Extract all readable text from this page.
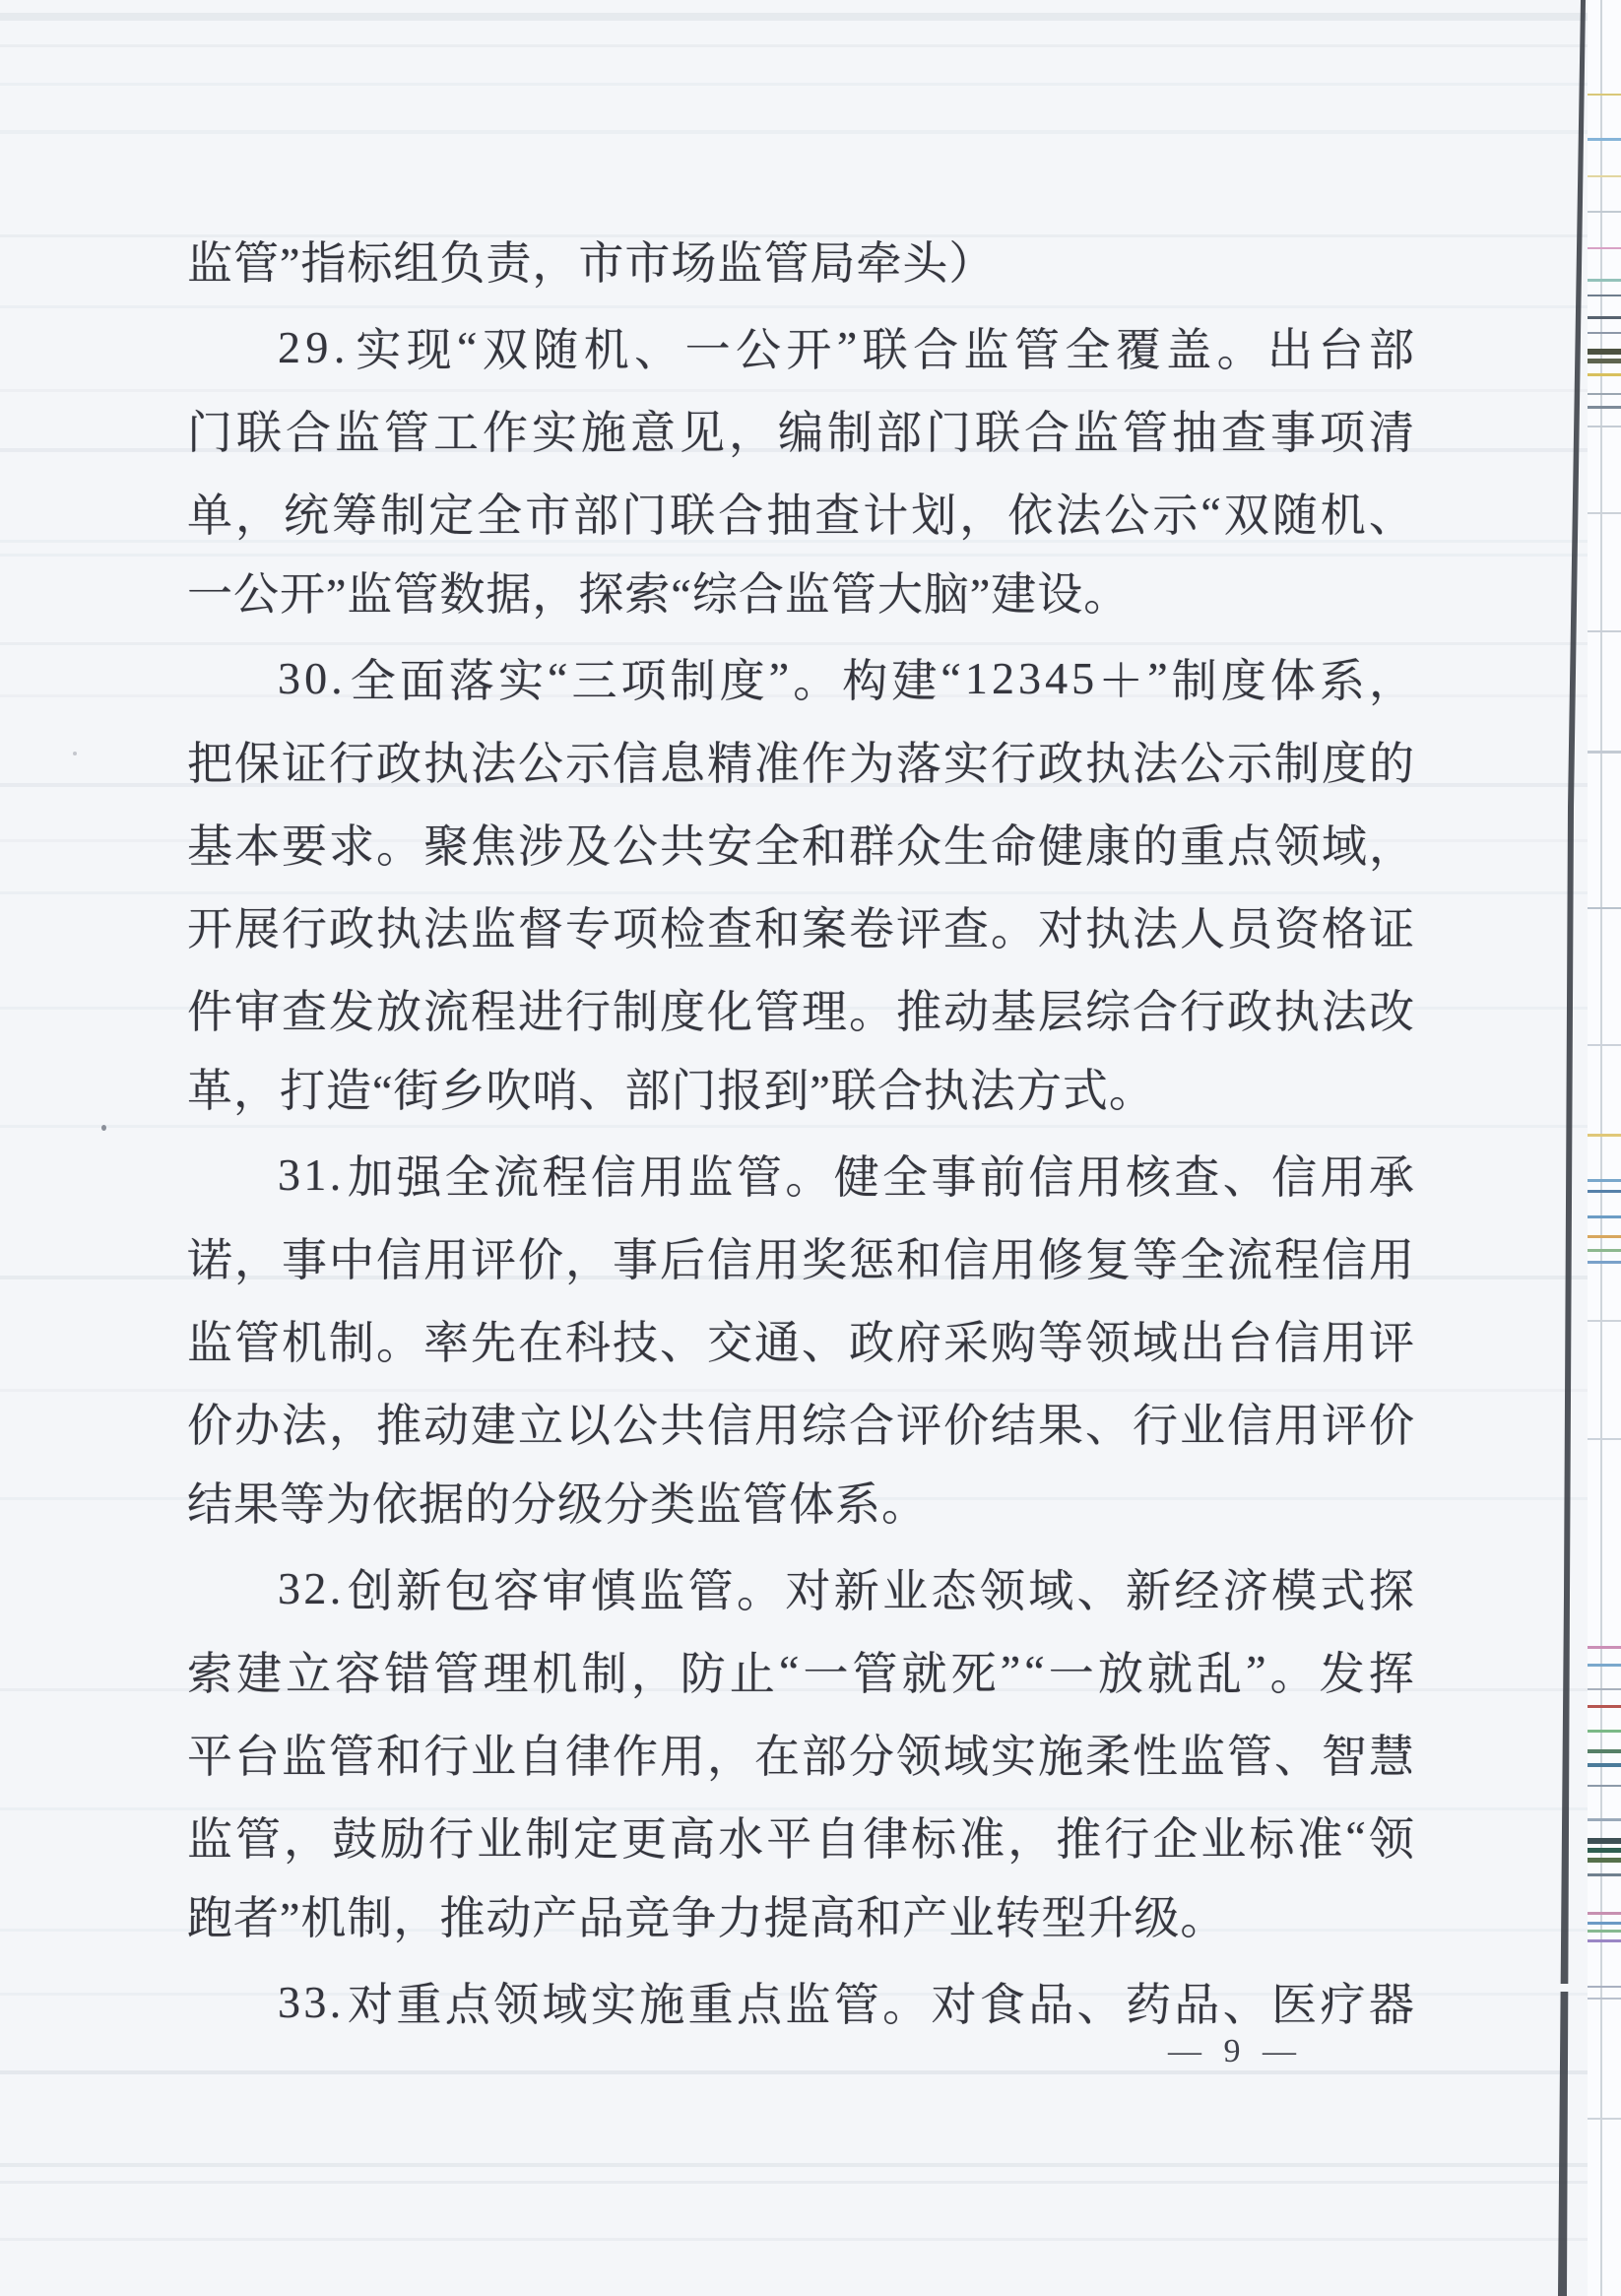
监管”指标组负责，市市场监管局牵头）
2 9 . 实 现 “ 双 随 机 、 一 公 开 ” 联 合 监 管 全 覆 盖 。 出 台 部
门 联 合 监 管 工 作 实 施 意 见 ， 编 制 部 门 联 合 监 管 抽 查 事 项 清
单 ， 统 筹 制 定 全 市 部 门 联 合 抽 查 计 划 ， 依 法 公 示 “ 双 随 机 、
一公开”监管数据，探索“综合监管大脑”建设。
3 0 . 全 面 落 实 “ 三 项 制 度 ” 。 构 建 “ 1 2 3 4 5 ＋ ” 制 度 体 系 ，
把 保 证 行 政 执 法 公 示 信 息 精 准 作 为 落 实 行 政 执 法 公 示 制 度 的
基 本 要 求 。 聚 焦 涉 及 公 共 安 全 和 群 众 生 命 健 康 的 重 点 领 域 ，
开 展 行 政 执 法 监 督 专 项 检 查 和 案 卷 评 查 。 对 执 法 人 员 资 格 证
件 审 查 发 放 流 程 进 行 制 度 化 管 理 。 推 动 基 层 综 合 行 政 执 法 改
革，打造“街乡吹哨、部门报到”联合执法方式。
3 1 . 加 强 全 流 程 信 用 监 管 。 健 全 事 前 信 用 核 查 、 信 用 承
诺 ， 事 中 信 用 评 价 ， 事 后 信 用 奖 惩 和 信 用 修 复 等 全 流 程 信 用
监 管 机 制 。 率 先 在 科 技 、 交 通 、 政 府 采 购 等 领 域 出 台 信 用 评
价 办 法 ， 推 动 建 立 以 公 共 信 用 综 合 评 价 结 果 、 行 业 信 用 评 价
结果等为依据的分级分类监管体系。
3 2 . 创 新 包 容 审 慎 监 管 。 对 新 业 态 领 域 、 新 经 济 模 式 探
索 建 立 容 错 管 理 机 制 ， 防 止 “ 一 管 就 死 ” “ 一 放 就 乱 ” 。 发 挥
平 台 监 管 和 行 业 自 律 作 用 ， 在 部 分 领 域 实 施 柔 性 监 管 、 智 慧
监 管 ， 鼓 励 行 业 制 定 更 高 水 平 自 律 标 准 ， 推 行 企 业 标 准 “ 领
跑者”机制，推动产品竞争力提高和产业转型升级。
3 3 . 对 重 点 领 域 实 施 重 点 监 管 。 对 食 品 、 药 品 、 医 疗 器
— 9 —
